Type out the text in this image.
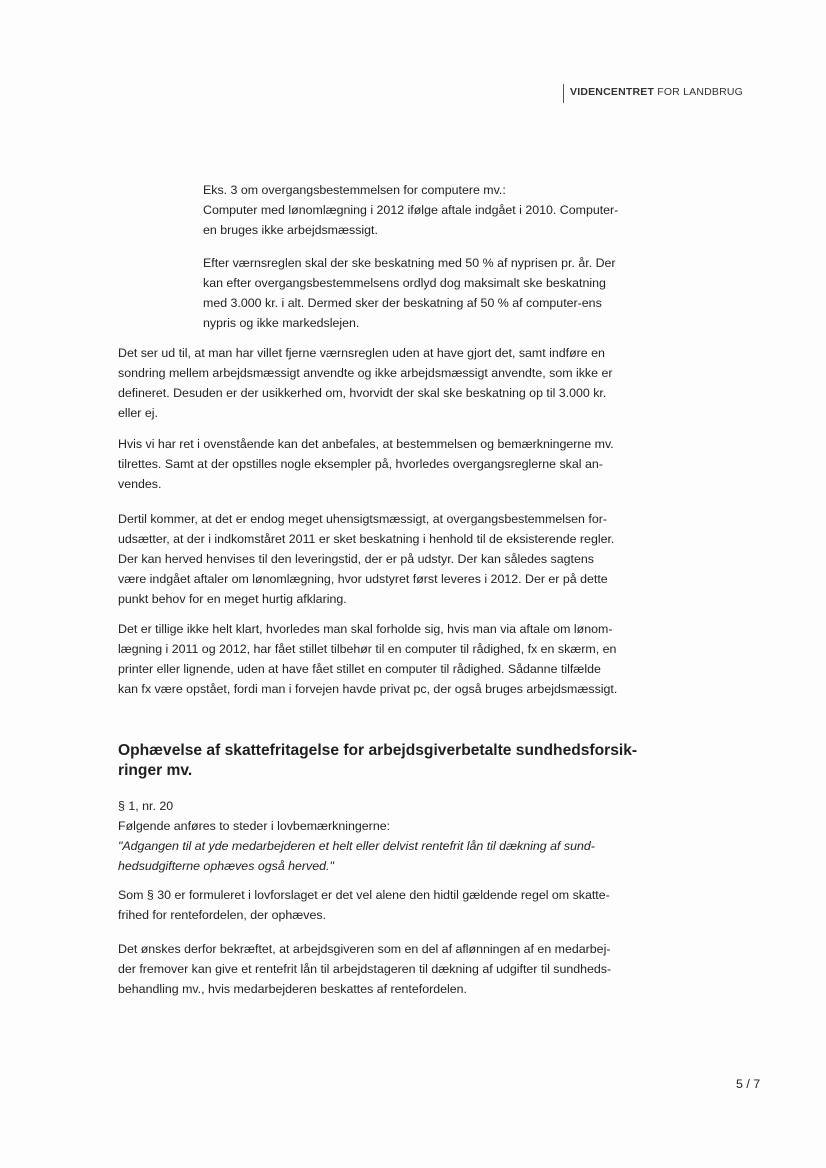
VIDENCENTRET FOR LANDBRUG
Eks. 3 om overgangsbestemmelsen for computere mv.:
Computer med lønomlægning i 2012 ifølge aftale indgået i 2010. Computer-
en bruges ikke arbejdsmæssigt.
Efter værnsreglen skal der ske beskatning med 50 % af nyprisen pr. år. Der
kan efter overgangsbestemmelsens ordlyd dog maksimalt ske beskatning
med 3.000 kr. i alt. Dermed sker der beskatning af 50 % af computer-ens
nypris og ikke markedslejen.
Det ser ud til, at man har villet fjerne værnsreglen uden at have gjort det, samt indføre en
sondring mellem arbejdsmæssigt anvendte og ikke arbejdsmæssigt anvendte, som ikke er
defineret. Desuden er der usikkerhed om, hvorvidt der skal ske beskatning op til 3.000 kr.
eller ej.
Hvis vi har ret i ovenstående kan det anbefales, at bestemmelsen og bemærkningerne mv.
tilrettes. Samt at der opstilles nogle eksempler på, hvorledes overgangsreglerne skal an-
vendes.
Dertil kommer, at det er endog meget uhensigtsmæssigt, at overgangsbestemmelsen for-
udsætter, at der i indkomståret 2011 er sket beskatning i henhold til de eksisterende regler.
Der kan herved henvises til den leveringstid, der er på udstyr. Der kan således sagtens
være indgået aftaler om lønomlægning, hvor udstyret først leveres i 2012. Der er på dette
punkt behov for en meget hurtig afklaring.
Det er tillige ikke helt klart, hvorledes man skal forholde sig, hvis man via aftale om lønom-
lægning i 2011 og 2012, har fået stillet tilbehør til en computer til rådighed, fx en skærm, en
printer eller lignende, uden at have fået stillet en computer til rådighed. Sådanne tilfælde
kan fx være opstået, fordi man i forvejen havde privat pc, der også bruges arbejdsmæssigt.
Ophævelse af skattefritagelse for arbejdsgiverbetalte sundhedsforsik-
ringer mv.
§ 1, nr. 20
Følgende anføres to steder i lovbemærkningerne:
"Adgangen til at yde medarbejderen et helt eller delvist rentefrit lån til dækning af sund-
hedsudgifterne ophæves også herved."
Som § 30 er formuleret i lovforslaget er det vel alene den hidtil gældende regel om skatte-
frihed for rentefordelen, der ophæves.
Det ønskes derfor bekræftet, at arbejdsgiveren som en del af aflønningen af en medarbej-
der fremover kan give et rentefrit lån til arbejdstageren til dækning af udgifter til sundheds-
behandling mv., hvis medarbejderen beskattes af rentefordelen.
5 / 7
